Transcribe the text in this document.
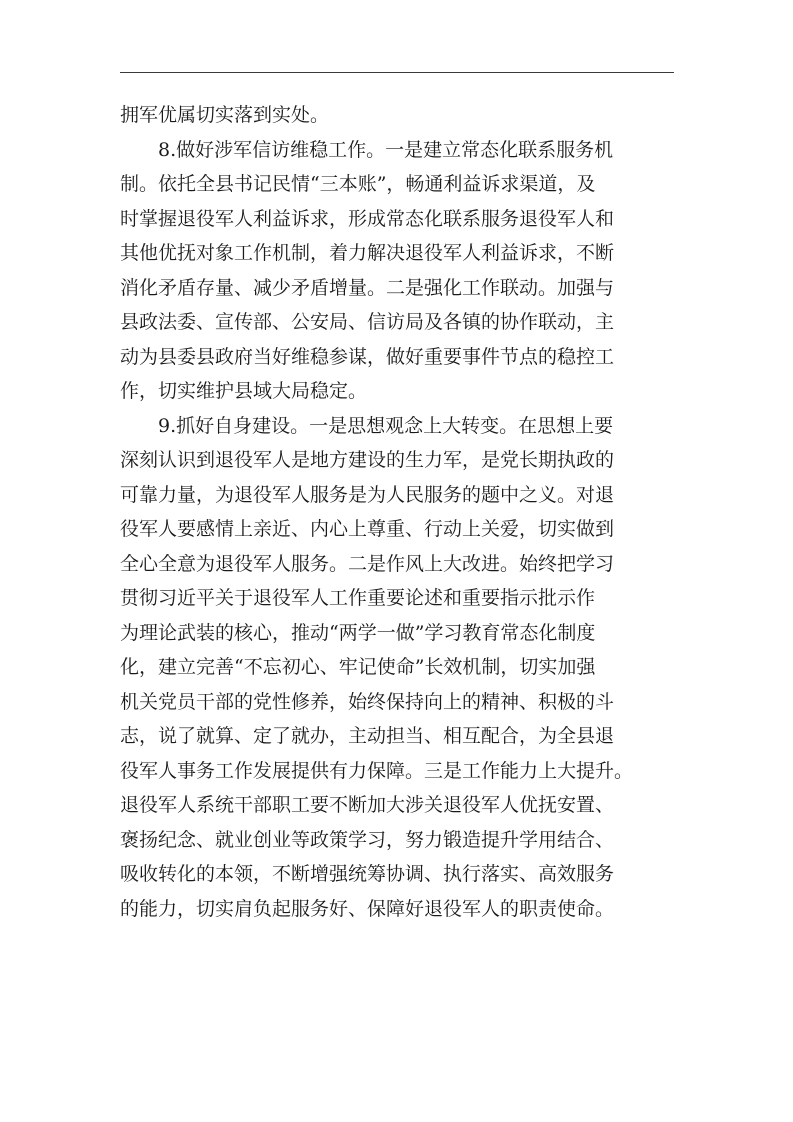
拥军优属切实落到实处。
8.做好涉军信访维稳工作。一是建立常态化联系服务机
制。依托全县书记民情“三本账”，畅通利益诉求渠道，及
时掌握退役军人利益诉求，形成常态化联系服务退役军人和
其他优抚对象工作机制，着力解决退役军人利益诉求，不断
消化矛盾存量、减少矛盾增量。二是强化工作联动。加强与
县政法委、宣传部、公安局、信访局及各镇的协作联动，主
动为县委县政府当好维稳参谋，做好重要事件节点的稳控工
作，切实维护县域大局稳定。
9.抓好自身建设。一是思想观念上大转变。在思想上要
深刻认识到退役军人是地方建设的生力军，是党长期执政的
可靠力量，为退役军人服务是为人民服务的题中之义。对退
役军人要感情上亲近、内心上尊重、行动上关爱，切实做到
全心全意为退役军人服务。二是作风上大改进。始终把学习
贯彻习近平关于退役军人工作重要论述和重要指示批示作
为理论武装的核心，推动“两学一做”学习教育常态化制度
化，建立完善“不忘初心、牢记使命”长效机制，切实加强
机关党员干部的党性修养，始终保持向上的精神、积极的斗
志，说了就算、定了就办，主动担当、相互配合，为全县退
役军人事务工作发展提供有力保障。三是工作能力上大提升。
退役军人系统干部职工要不断加大涉关退役军人优抚安置、
褒扬纪念、就业创业等政策学习，努力锻造提升学用结合、
吸收转化的本领，不断增强统筹协调、执行落实、高效服务
的能力，切实肩负起服务好、保障好退役军人的职责使命。
